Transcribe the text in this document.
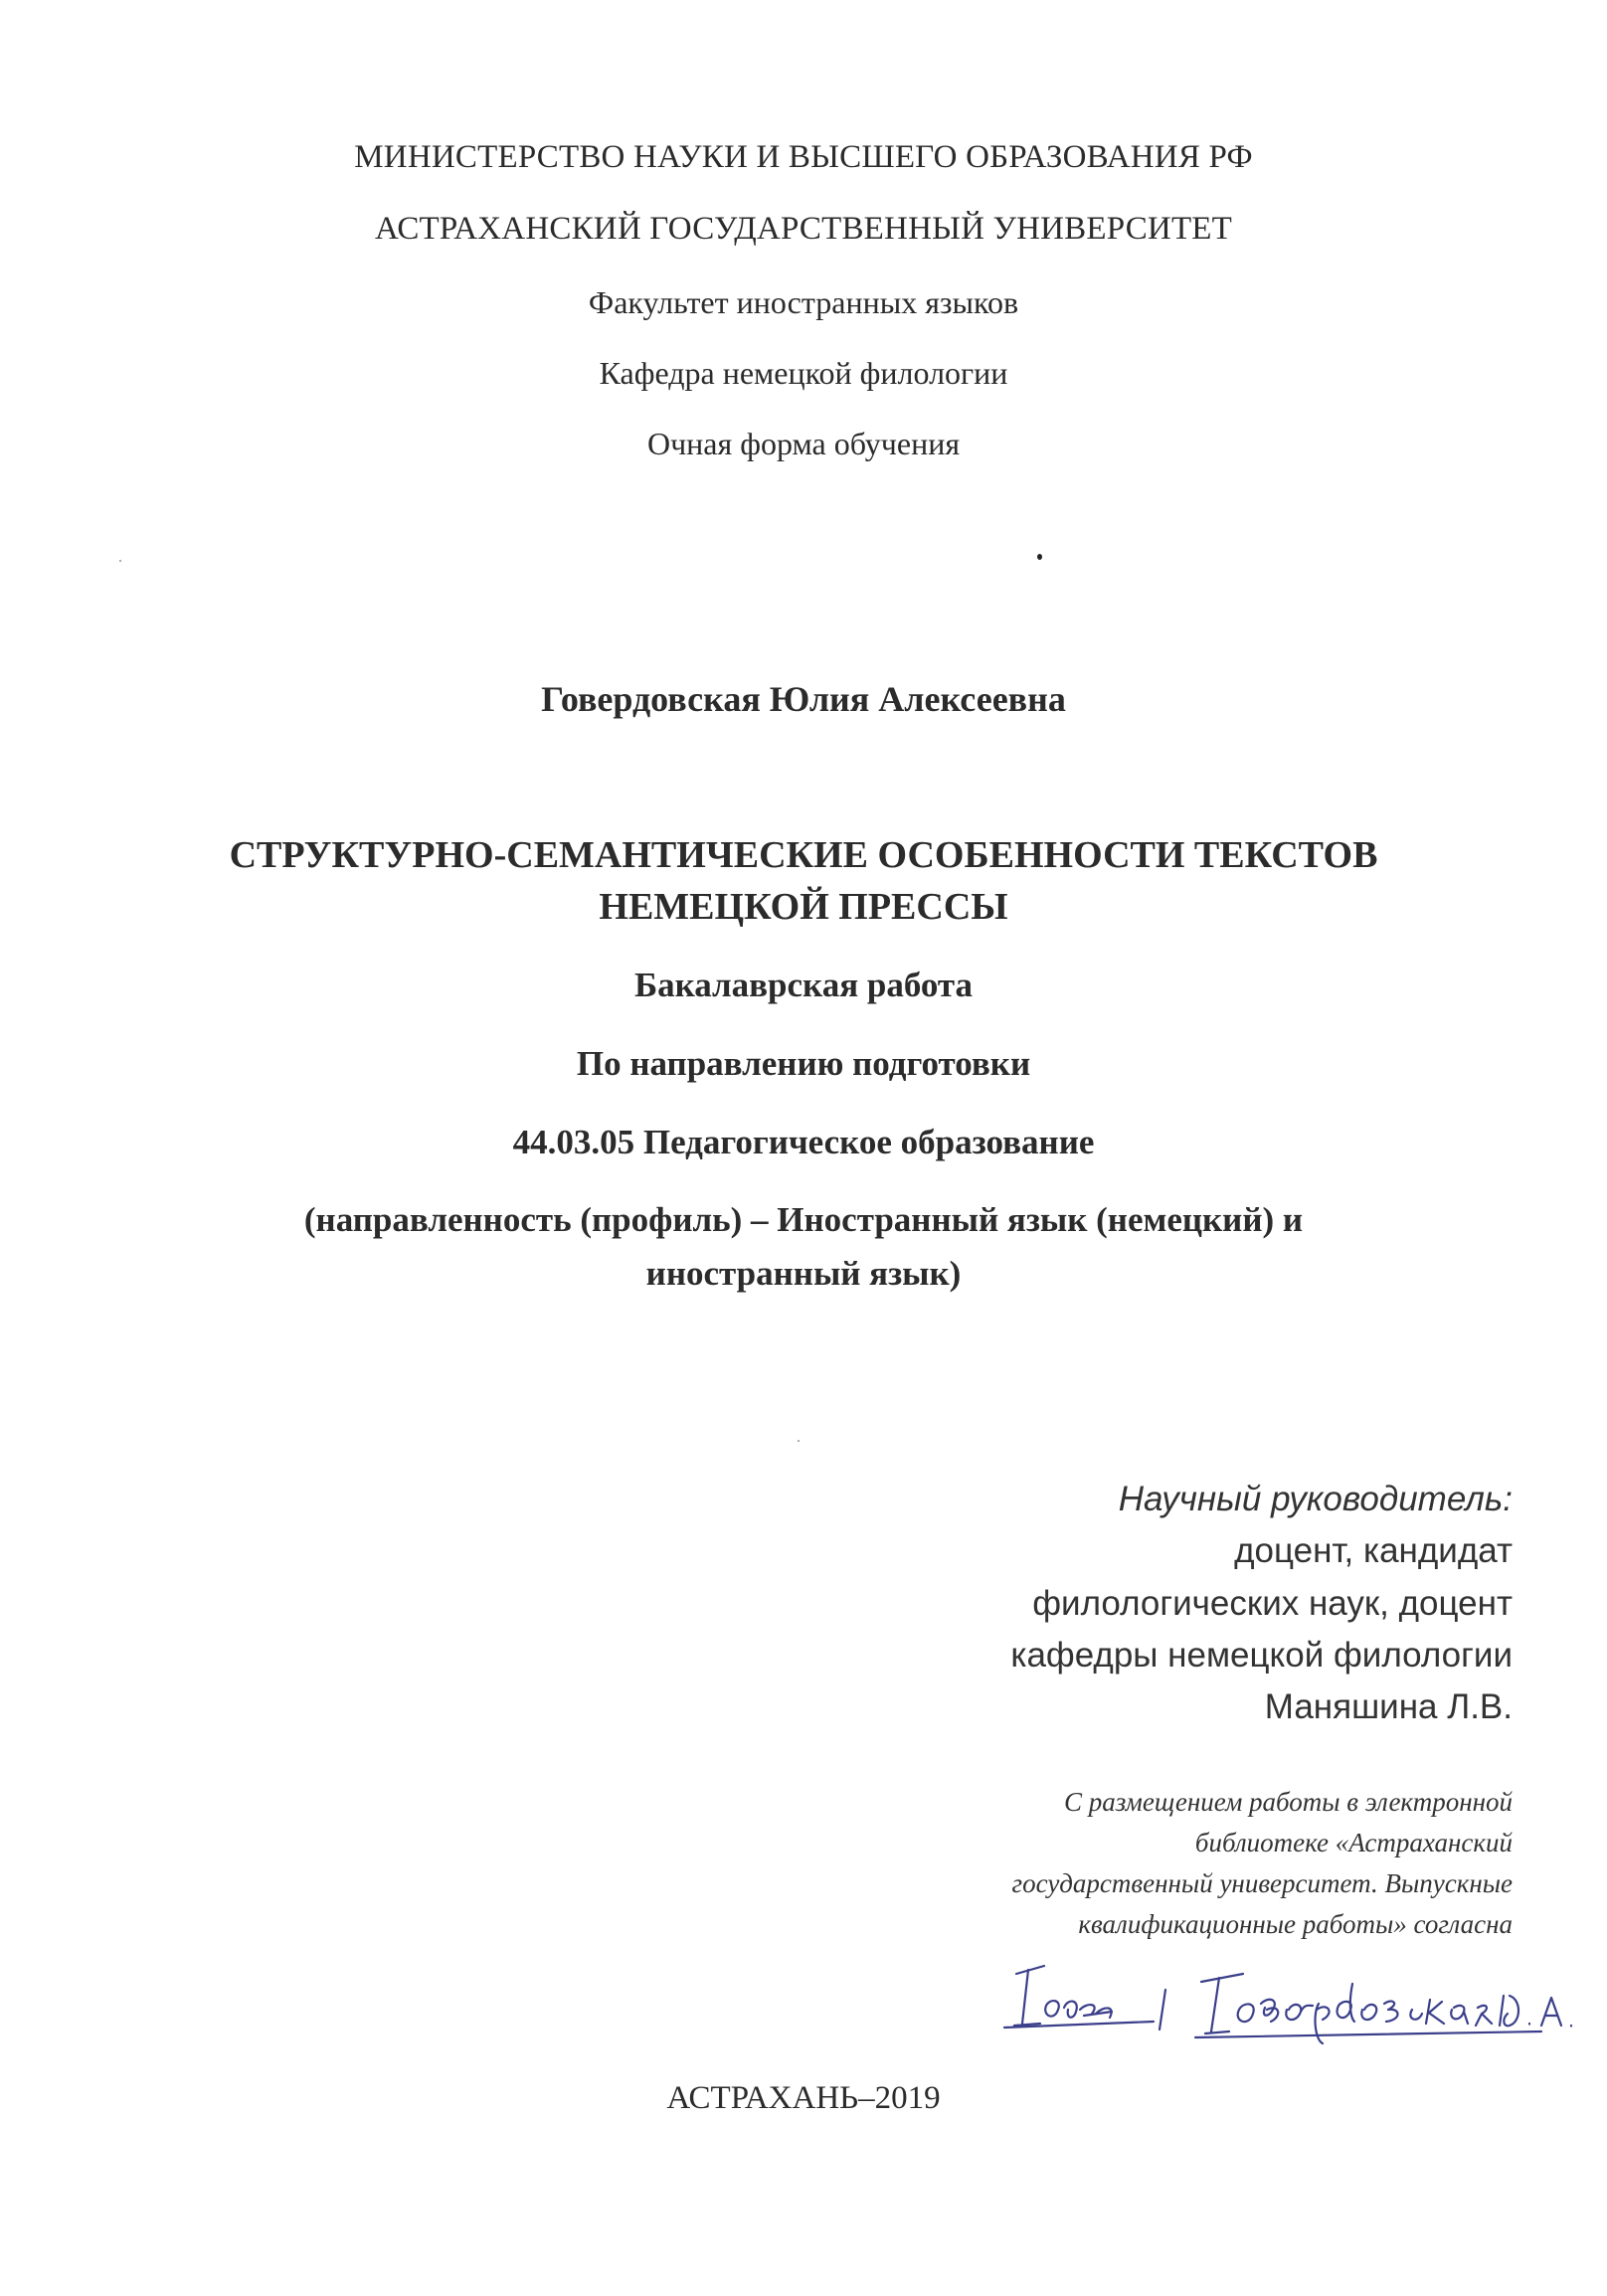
МИНИСТЕРСТВО НАУКИ И ВЫСШЕГО ОБРАЗОВАНИЯ РФ
АСТРАХАНСКИЙ ГОСУДАРСТВЕННЫЙ УНИВЕРСИТЕТ
Факультет иностранных языков
Кафедра немецкой филологии
Очная форма обучения
Говердовская Юлия Алексеевна
СТРУКТУРНО-СЕМАНТИЧЕСКИЕ ОСОБЕННОСТИ ТЕКСТОВ
НЕМЕЦКОЙ ПРЕССЫ
Бакалаврская работа
По направлению подготовки
44.03.05 Педагогическое образование
(направленность (профиль) – Иностранный язык (немецкий) и
иностранный язык)
Научный руководитель:
доцент, кандидат
филологических наук, доцент
кафедры немецкой филологии
Маняшина Л.В.
С размещением работы в электронной
библиотеке «Астраханский
государственный университет. Выпускные
квалификационные работы» согласна
АСТРАХАНЬ–2019
